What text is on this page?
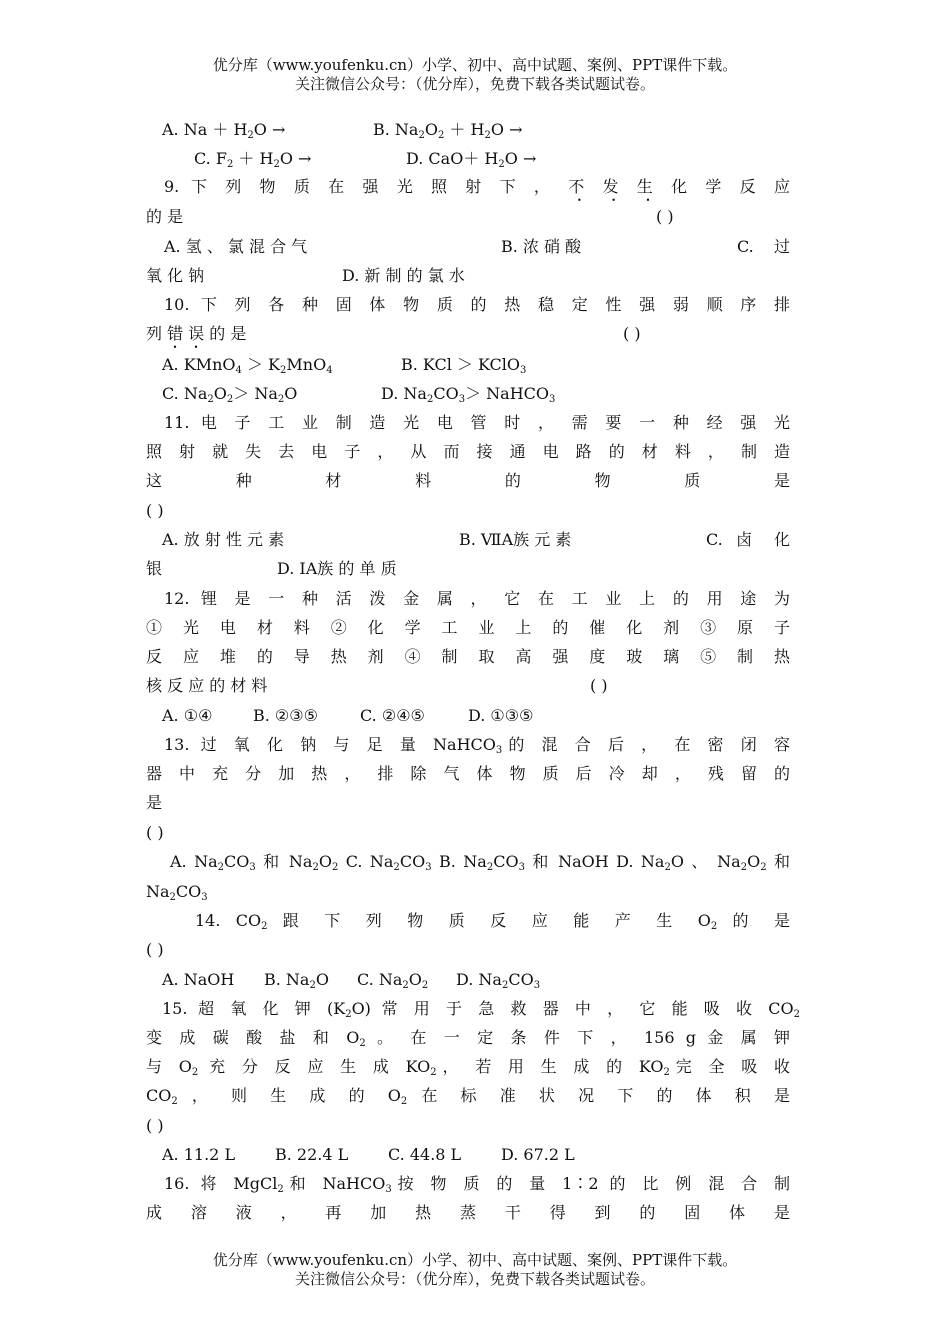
优分库（www.youfenku.cn）小学、初中、高中试题、案例、PPT课件下载。
关注微信公众号：（优分库），免费下载各类试题试卷。
A. $Na + H_2O$ →	B. $Na_2O_2 + H_2O$ →
C. $F_2 + H_2O$ →	D. $CaO+ H_2O$ →
9. 下 列 物 质 在 强 光 照 射 下 ， 不 发 生 化 学 反 应
的 是	( )
A. 氢 、 氯 混 合 气	B. 浓 硝 酸	C. 过
氧 化 钠	D. 新 制 的 氯 水
10. 下 列 各 种 固 体 物 质 的 热 稳 定 性 强 弱 顺 序 排
列 错 误 的 是	( )
A. KMnO$_4$ ＞ $K_2MnO_4$	B. KCl ＞ KClO$_3$
C. $Na_2O_2> Na_2O$	D. $Na_2CO_3>$ NaHCO$_3$
11. 电 子 工 业 制 造 光 电 管 时 ， 需 要 一 种 经 强 光
照 射 就 失 去 电 子 ， 从 而 接 通 电 路 的 材 料 ， 制 造
这 种 材 料 的 物 质 是
( )
A. 放 射 性 元 素	B. ⅦA族 元 素	C. 卤 化
银	D. ⅠA族 的 单 质
12. 锂 是 一 种 活 泼 金 属 ， 它 在 工 业 上 的 用 途 为
① 光 电 材 料 ② 化 学 工 业 上 的 催 化 剂 ③ 原 子
反 应 堆 的 导 热 剂 ④ 制 取 高 强 度 玻 璃 ⑤ 制 热
核 反 应 的 材 料	( )
A. ①④	B. ②③⑤	C. ②④⑤	D. ①③⑤
13. 过 氧 化 钠 与 足 量 NaHCO$_3$的 混 合 后 ， 在 密 闭 容
器 中 充 分 加 热 ， 排 除 气 体 物 质 后 冷 却 ， 残 留 的
是
( )
A. $Na_2CO_3$ 和 $Na_2O_2$ C. $Na_2CO_3$ B. $Na_2CO_3$ 和 NaOH D. $Na_2O$ 、 $Na_2O_2$ 和
$Na_2CO_3$
14. $CO_2$ 跟 下 列 物 质 反 应 能 产 生 $O_2$ 的 是
( )
A. NaOH B. $Na_2O$ C. $Na_2O_2$ D. $Na_2CO_3$
15. 超 氧 化 钾 $(K_2O)$ 常 用 于 急 救 器 中 ， 它 能 吸 收 $CO_2$
变 成 碳 酸 盐 和 $O_2$ 。 在 一 定 条 件 下 ， 156 g 金 属 钾
与 $O_2$ 充 分 反 应 生 成 $KO_2$， 若 用 生 成 的 $KO_2$完 全 吸 收
$CO_2$ ， 则 生 成 的 $O_2$ 在 标 准 状 况 下 的 体 积 是
( )
A. 11.2 L B. 22.4 L C. 44.8 L D. 67.2 L
16. 将 MgCl$_2$和 NaHCO$_3$按 物 质 的 量 1∶2 的 比 例 混 合 制
成 溶 液 ， 再 加 热 蒸 干 得 到 的 固 体 是
优分库（www.youfenku.cn）小学、初中、高中试题、案例、PPT课件下载。
关注微信公众号：（优分库），免费下载各类试题试卷。
